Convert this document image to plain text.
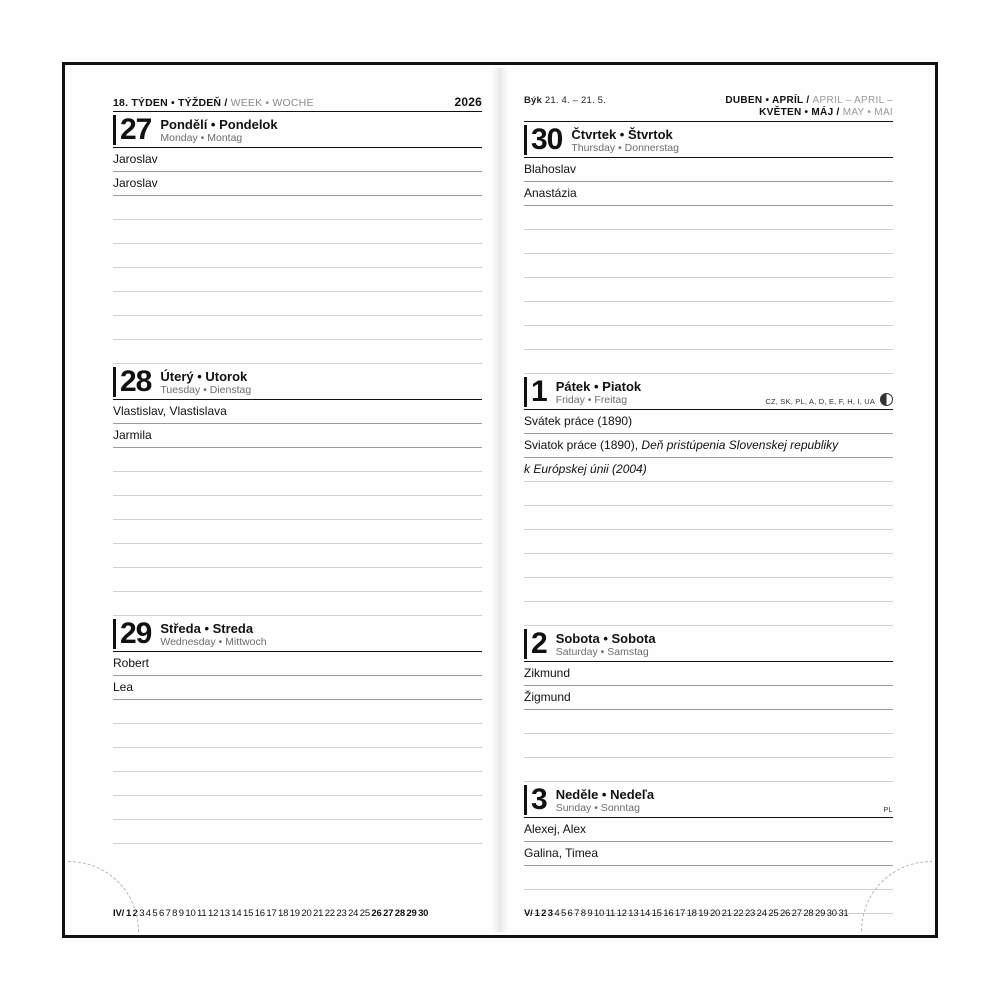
18. TÝDEN • TÝŽDEŇ / WEEK • WOCHE	2026
27 Pondělí • Pondelok
Monday • Montag
Jaroslav
Jaroslav
28 Úterý • Utorok
Tuesday • Dienstag
Vlastislav, Vlastislava
Jarmila
29 Středa • Streda
Wednesday • Mittwoch
Robert
Lea
IV/ 1 2 3 4 5 6 7 8 9 10 11 12 13 14 15 16 17 18 19 20 21 22 23 24 25 26 27 28 29 30
Býk 21. 4. – 21. 5.	DUBEN • APRÍL / APRIL – APRIL –
KVĚTEN • MÁJ / MAY • MAI
30 Čtvrtek • Štvrtok
Thursday • Donnerstag
Blahoslav
Anastázia
1 Pátek • Piatok
Friday • Freitag	CZ, SK, PL, A, D, E, F, H, I, UA
Svátek práce (1890)
Sviatok práce (1890), Deň pristúpenia Slovenskej republiky
k Európskej únii (2004)
2 Sobota • Sobota
Saturday • Samstag
Zikmund
Žigmund
3 Neděle • Nedeľa
Sunday • Sonntag	PL
Alexej, Alex
Galina, Timea
V/ 1 2 3 4 5 6 7 8 9 10 11 12 13 14 15 16 17 18 19 20 21 22 23 24 25 26 27 28 29 30 31
